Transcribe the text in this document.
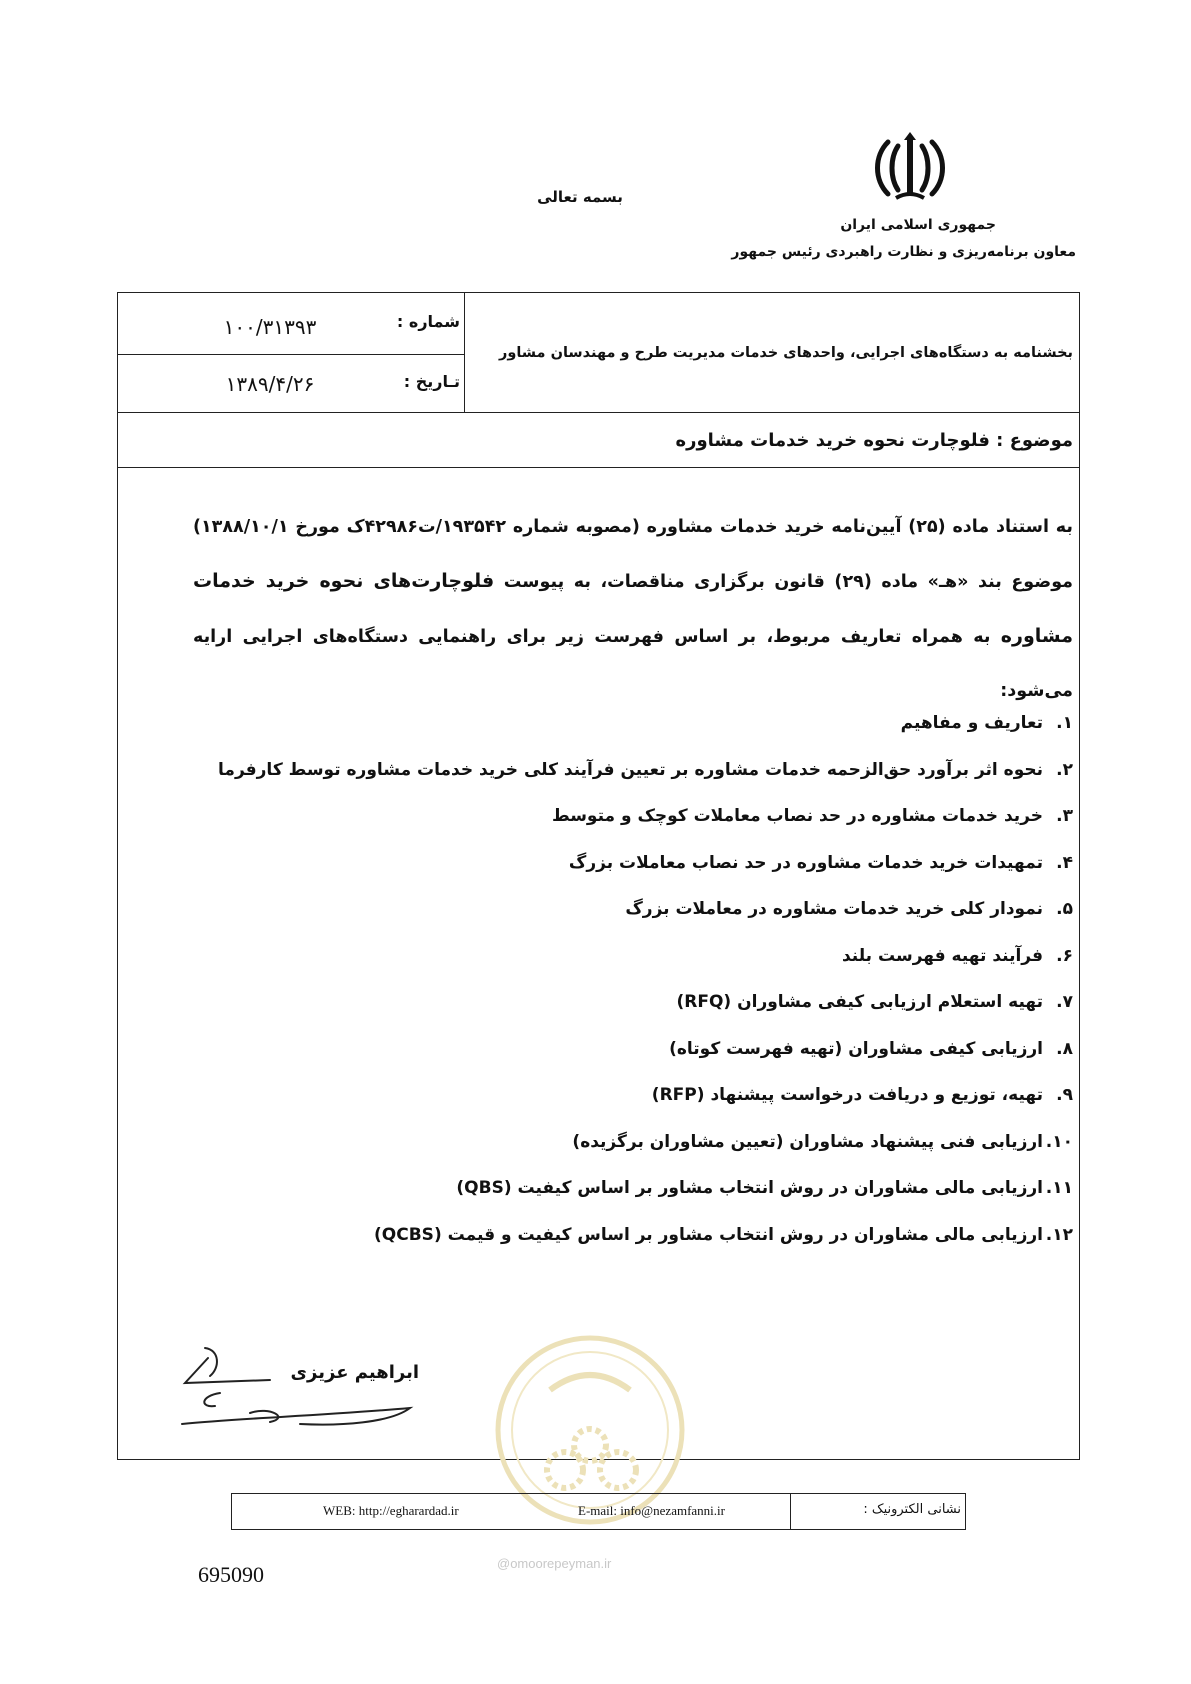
بسمه تعالی
جمهوری اسلامی ایران
معاون برنامه‌ریزی و نظارت راهبردی رئیس جمهور
شماره :
۱۰۰/۳۱۳۹۳
تـاریخ :
۱۳۸۹/۴/۲۶
بخشنامه به دستگاه‌های اجرایی، واحدهای خدمات مدیریت طرح و مهندسان مشاور
موضوع : فلوچارت نحوه خرید خدمات مشاوره
به استناد ماده (۲۵) آیین‌نامه خرید خدمات مشاوره (مصوبه شماره ۱۹۳۵۴۲/ت۴۲۹۸۶ک مورخ ۱۳۸۸/۱۰/۱) موضوع بند «هـ» ماده (۲۹) قانون برگزاری مناقصات، به پیوست فلوچارت‌های نحوه خرید خدمات مشاوره به همراه تعاریف مربوط، بر اساس فهرست زیر برای راهنمایی دستگاه‌های اجرایی ارایه می‌شود:
۱.
تعاریف و مفاهیم
۲.
نحوه اثر برآورد حق‌الزحمه خدمات مشاوره بر تعیین فرآیند کلی خرید خدمات مشاوره توسط کارفرما
۳.
خرید خدمات مشاوره در حد نصاب معاملات کوچک و متوسط
۴.
تمهیدات خرید خدمات مشاوره در حد نصاب معاملات بزرگ
۵.
نمودار کلی خرید خدمات مشاوره در معاملات بزرگ
۶.
فرآیند تهیه فهرست بلند
۷.
تهیه استعلام ارزیابی کیفی مشاوران (RFQ)
۸.
ارزیابی کیفی مشاوران (تهیه فهرست کوتاه)
۹.
تهیه، توزیع و دریافت درخواست پیشنهاد (RFP)
۱۰.
ارزیابی فنی پیشنهاد مشاوران (تعیین مشاوران برگزیده)
۱۱.
ارزیابی مالی مشاوران در روش انتخاب مشاور بر اساس کیفیت (QBS)
۱۲.
ارزیابی مالی مشاوران در روش انتخاب مشاور بر اساس کیفیت و قیمت (QCBS)
ابراهیم عزیزی
نشانی الکترونیک :
WEB: http://egharardad.ir	E-mail: info@nezamfanni.ir
@omoorepeyman.ir
695090
